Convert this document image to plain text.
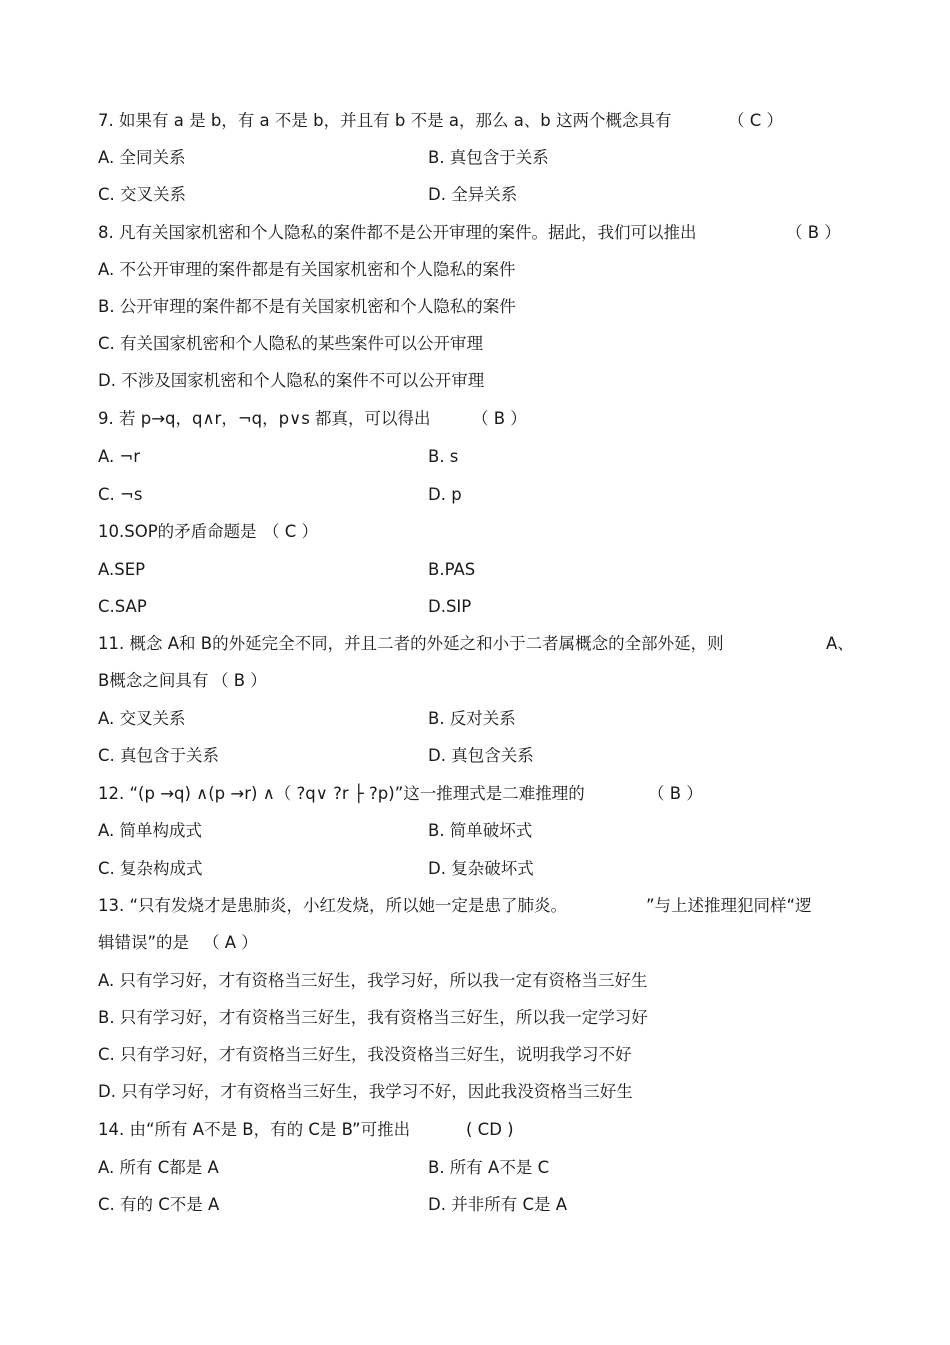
7. 如果有 a 是 b，有 a 不是 b，并且有 b 不是 a，那么 a、b 这两个概念具有	（ C ）
A. 全同关系	B. 真包含于关系
C. 交叉关系	D. 全异关系
8. 凡有关国家机密和个人隐私的案件都不是公开审理的案件。据此，我们可以推出	（ B ）
A. 不公开审理的案件都是有关国家机密和个人隐私的案件
B. 公开审理的案件都不是有关国家机密和个人隐私的案件
C. 有关国家机密和个人隐私的某些案件可以公开审理
D. 不涉及国家机密和个人隐私的案件不可以公开审理
9. 若 p→q，q∧r，¬q，p∨s 都真，可以得出	（ B ）
A. ¬r	B. s
C. ¬s	D. p
10.SOP的矛盾命题是 （ C ）
A.SEP	B.PAS
C.SAP	D.SIP
11. 概念 A和 B的外延完全不同，并且二者的外延之和小于二者属概念的全部外延，则	A、
B概念之间具有 （ B ）
A. 交叉关系	B. 反对关系
C. 真包含于关系	D. 真包含关系
12. “(p →q) ∧(p →r) ∧（ ?q∨ ?r ├ ?p)”这一推理式是二难推理的	（ B ）
A. 简单构成式	B. 简单破坏式
C. 复杂构成式	D. 复杂破坏式
13. “只有发烧才是患肺炎，小红发烧，所以她一定是患了肺炎。	”与上述推理犯同样“逻
辑错误”的是 （ A ）
A. 只有学习好，才有资格当三好生，我学习好，所以我一定有资格当三好生
B. 只有学习好，才有资格当三好生，我有资格当三好生，所以我一定学习好
C. 只有学习好，才有资格当三好生，我没资格当三好生，说明我学习不好
D. 只有学习好，才有资格当三好生，我学习不好，因此我没资格当三好生
14. 由“所有 A不是 B，有的 C是 B”可推出	( CD )
A. 所有 C都是 A	B. 所有 A不是 C
C. 有的 C不是 A	D. 并非所有 C是 A
